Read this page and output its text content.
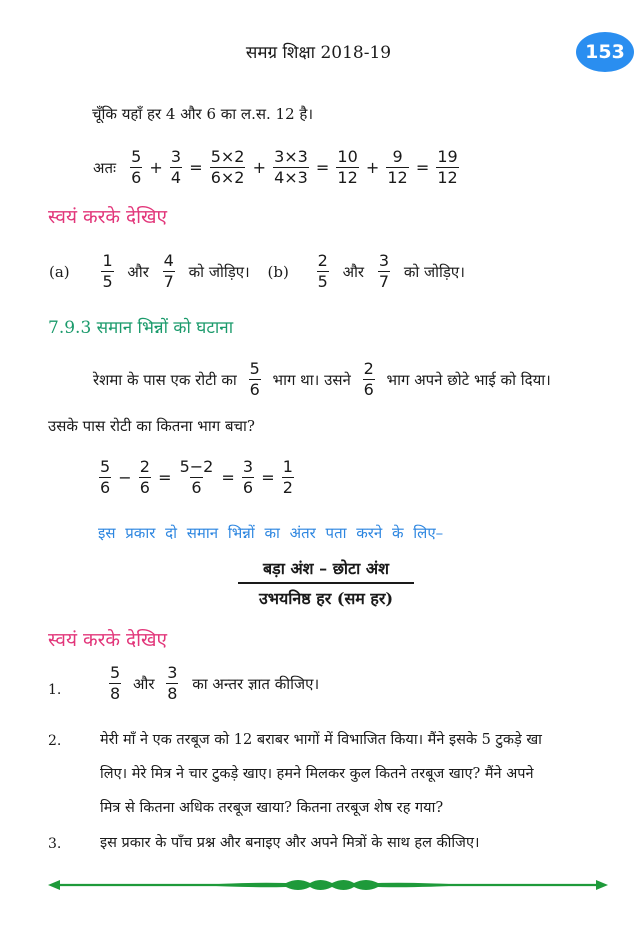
समग्र शिक्षा 2018-19	153
चूँकि यहाँ हर 4 और 6 का ल.स. 12 है।
अतः $\frac{5}{6} + \frac{3}{4} = \frac{5\times 2}{6\times 2} + \frac{3\times 3}{4\times 3} = \frac{10}{12} + \frac{9}{12} = \frac{19}{12}$
स्वयं करके देखिए
$(a) \frac{1}{5}$ और $\frac{4}{7}$ को जोड़िए। $(b) \frac{2}{5}$ और $\frac{3}{7}$ को जोड़िए।
7.9.3 समान भिन्नों को घटाना
रेशमा के पास एक रोटी का $\frac{5}{6}$ भाग था। उसने $\frac{2}{6}$ भाग अपने छोटे भाई को दिया।
उसके पास रोटी का कितना भाग बचा?
$\frac{5}{6} - \frac{2}{6} = \frac{5-2}{6} = \frac{3}{6} = \frac{1}{2}$
इस प्रकार दो समान भिन्नों का अंतर पता करने के लिए–
बड़ा अंश – छोटा अंश
उभयनिष्ठ हर (सम हर)
स्वयं करके देखिए
1.	$\frac{5}{8}$ और $\frac{3}{8}$ का अन्तर ज्ञात कीजिए।
2.	मेरी माँ ने एक तरबूज को 12 बराबर भागों में विभाजित किया। मैंने इसके 5 टुकड़े खा
लिए। मेरे मित्र ने चार टुकड़े खाए। हमने मिलकर कुल कितने तरबूज खाए? मैंने अपने
मित्र से कितना अधिक तरबूज खाया? कितना तरबूज शेष रह गया?
3.	इस प्रकार के पाँच प्रश्न और बनाइए और अपने मित्रों के साथ हल कीजिए।
